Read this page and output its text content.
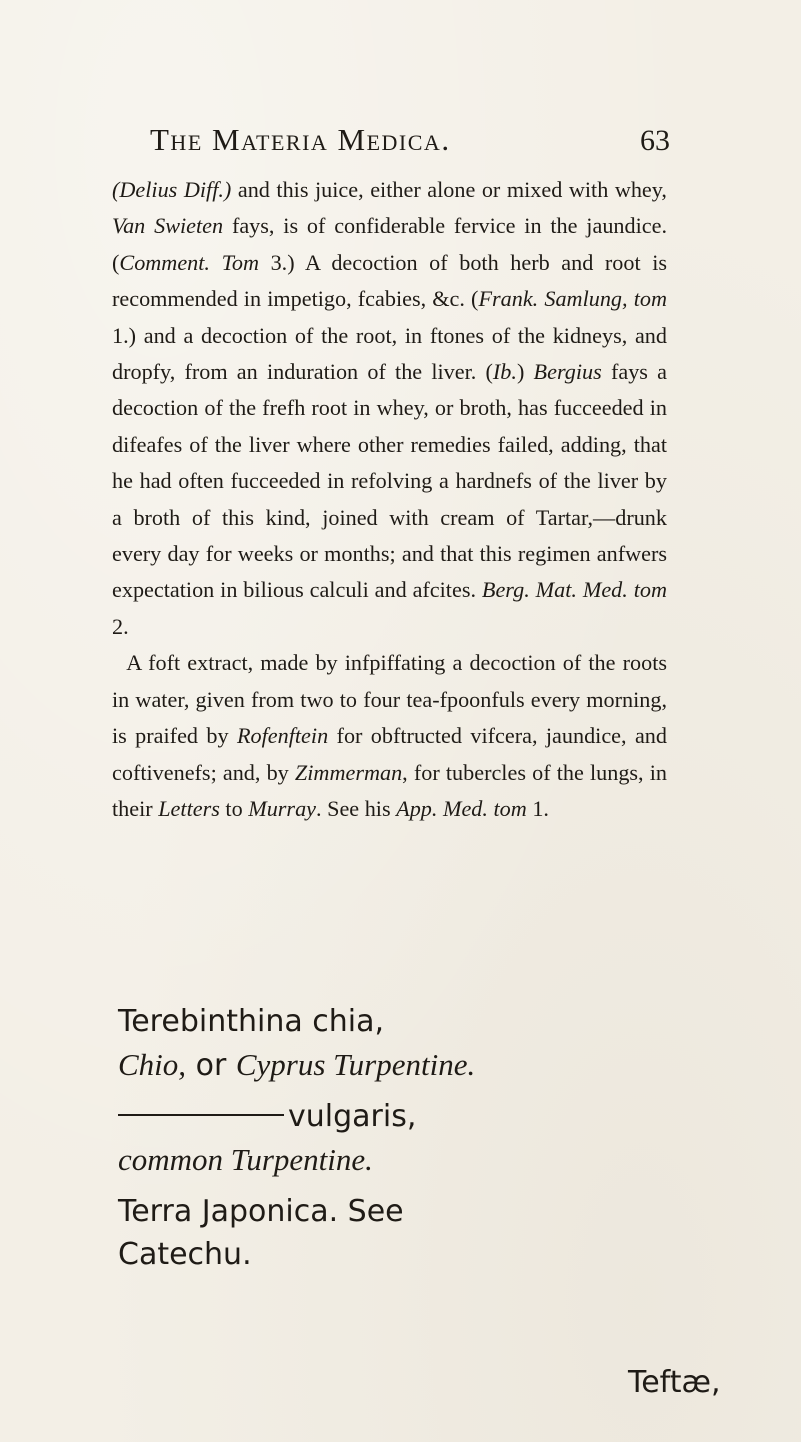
The Materia Medica.	63

(Delius Diff.) and this juice, either alone or mixed with whey, Van Swieten fays, is of confiderable fervice in the jaundice. (Comment. Tom 3.) A decoction of both herb and root is recommended in impetigo, fcabies, &c. (Frank. Samlung, tom 1.) and a decoction of the root, in ftones of the kidneys, and dropfy, from an induration of the liver. (Ib.) Bergius fays a decoction of the frefh root in whey, or broth, has fucceeded in difeafes of the liver where other remedies failed, adding, that he had often fucceeded in refolving a hardnefs of the liver by a broth of this kind, joined with cream of Tartar,—drunk every day for weeks or months; and that this regimen anfwers expectation in bilious calculi and afcites. Berg. Mat. Med. tom 2.

A foft extract, made by infpiffating a decoction of the roots in water, given from two to four tea-fpoonfuls every morning, is praifed by Rofenftein for obftructed vifcera, jaundice, and coftivenefs; and, by Zimmerman, for tubercles of the lungs, in their Letters to Murray. See his App. Med. tom 1.

Terebinthina chia,
Chio, or Cyprus Turpentine.

vulgaris,
common Turpentine.

Terra Japonica. See Catechu.

Teftæ,
